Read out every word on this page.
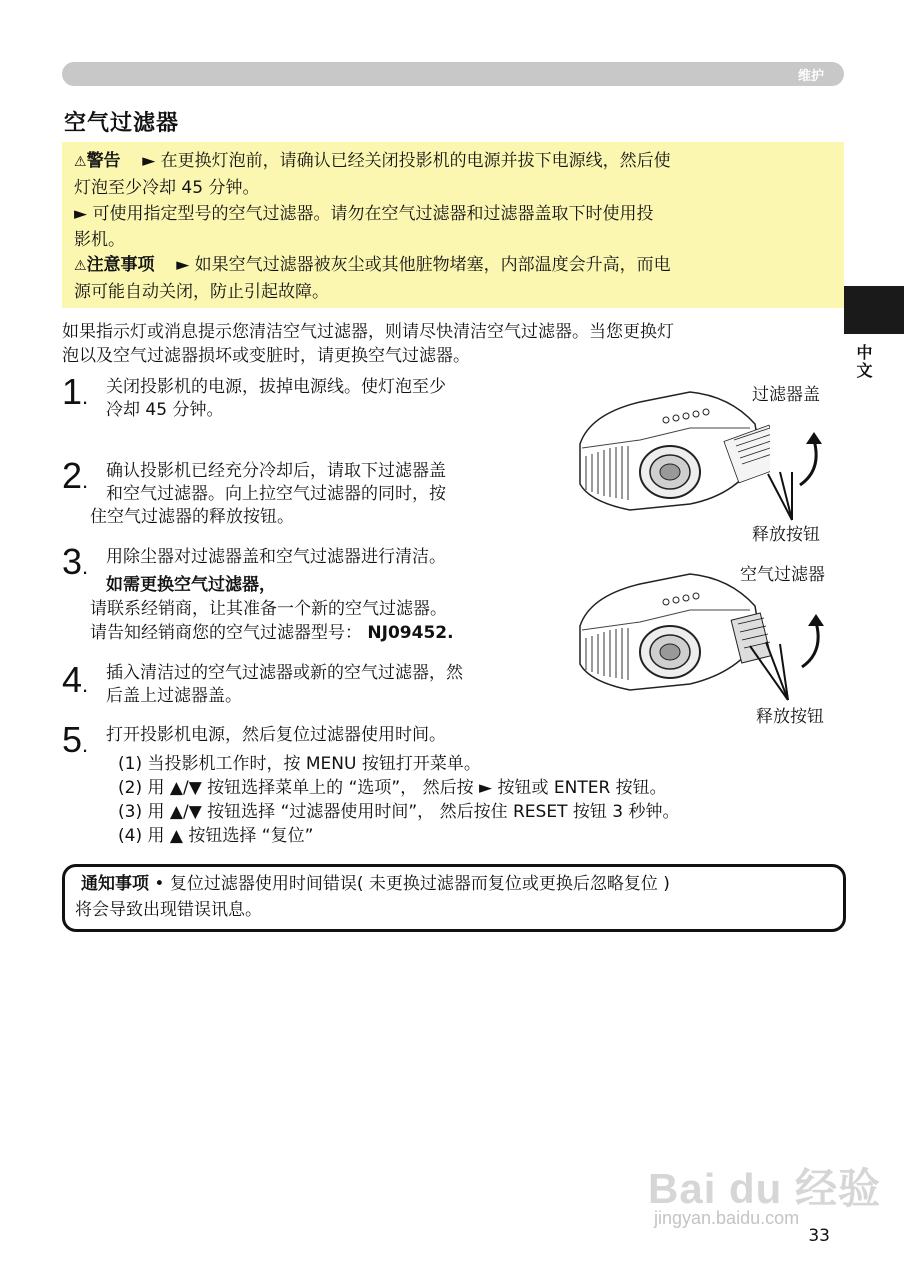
维护
中文
空气过滤器
⚠警告 ► 在更换灯泡前，请确认已经关闭投影机的电源并拔下电源线，然后使
灯泡至少冷却 45 分钟。
► 可使用指定型号的空气过滤器。请勿在空气过滤器和过滤器盖取下时使用投
影机。
⚠注意事项 ► 如果空气过滤器被灰尘或其他脏物堵塞，内部温度会升高，而电
源可能自动关闭，防止引起故障。
如果指示灯或消息提示您清洁空气过滤器，则请尽快清洁空气过滤器。当您更换灯
泡以及空气过滤器损坏或变脏时，请更换空气过滤器。
1. 关闭投影机的电源，拔掉电源线。使灯泡至少
冷却 45 分钟。
2. 确认投影机已经充分冷却后，请取下过滤器盖
和空气过滤器。向上拉空气过滤器的同时，按
住空气过滤器的释放按钮。
3. 用除尘器对过滤器盖和空气过滤器进行清洁。
如需更换空气过滤器，
请联系经销商，让其准备一个新的空气过滤器。
请告知经销商您的空气过滤器型号： NJ09452.
4. 插入清洁过的空气过滤器或新的空气过滤器，然
后盖上过滤器盖。
5. 打开投影机电源，然后复位过滤器使用时间。
(1) 当投影机工作时，按 MENU 按钮打开菜单。
(2) 用 ▲/▼ 按钮选择菜单上的 “选项”， 然后按 ► 按钮或 ENTER 按钮。
(3) 用 ▲/▼ 按钮选择 “过滤器使用时间”， 然后按住 RESET 按钮 3 秒钟。
(4) 用 ▲ 按钮选择 “复位”
过滤器盖
释放按钮
空气过滤器
释放按钮
通知事项 • 复位过滤器使用时间错误( 未更换过滤器而复位或更换后忽略复位 )
将会导致出现错误讯息。
Bai du 经验
jingyan.baidu.com
33
